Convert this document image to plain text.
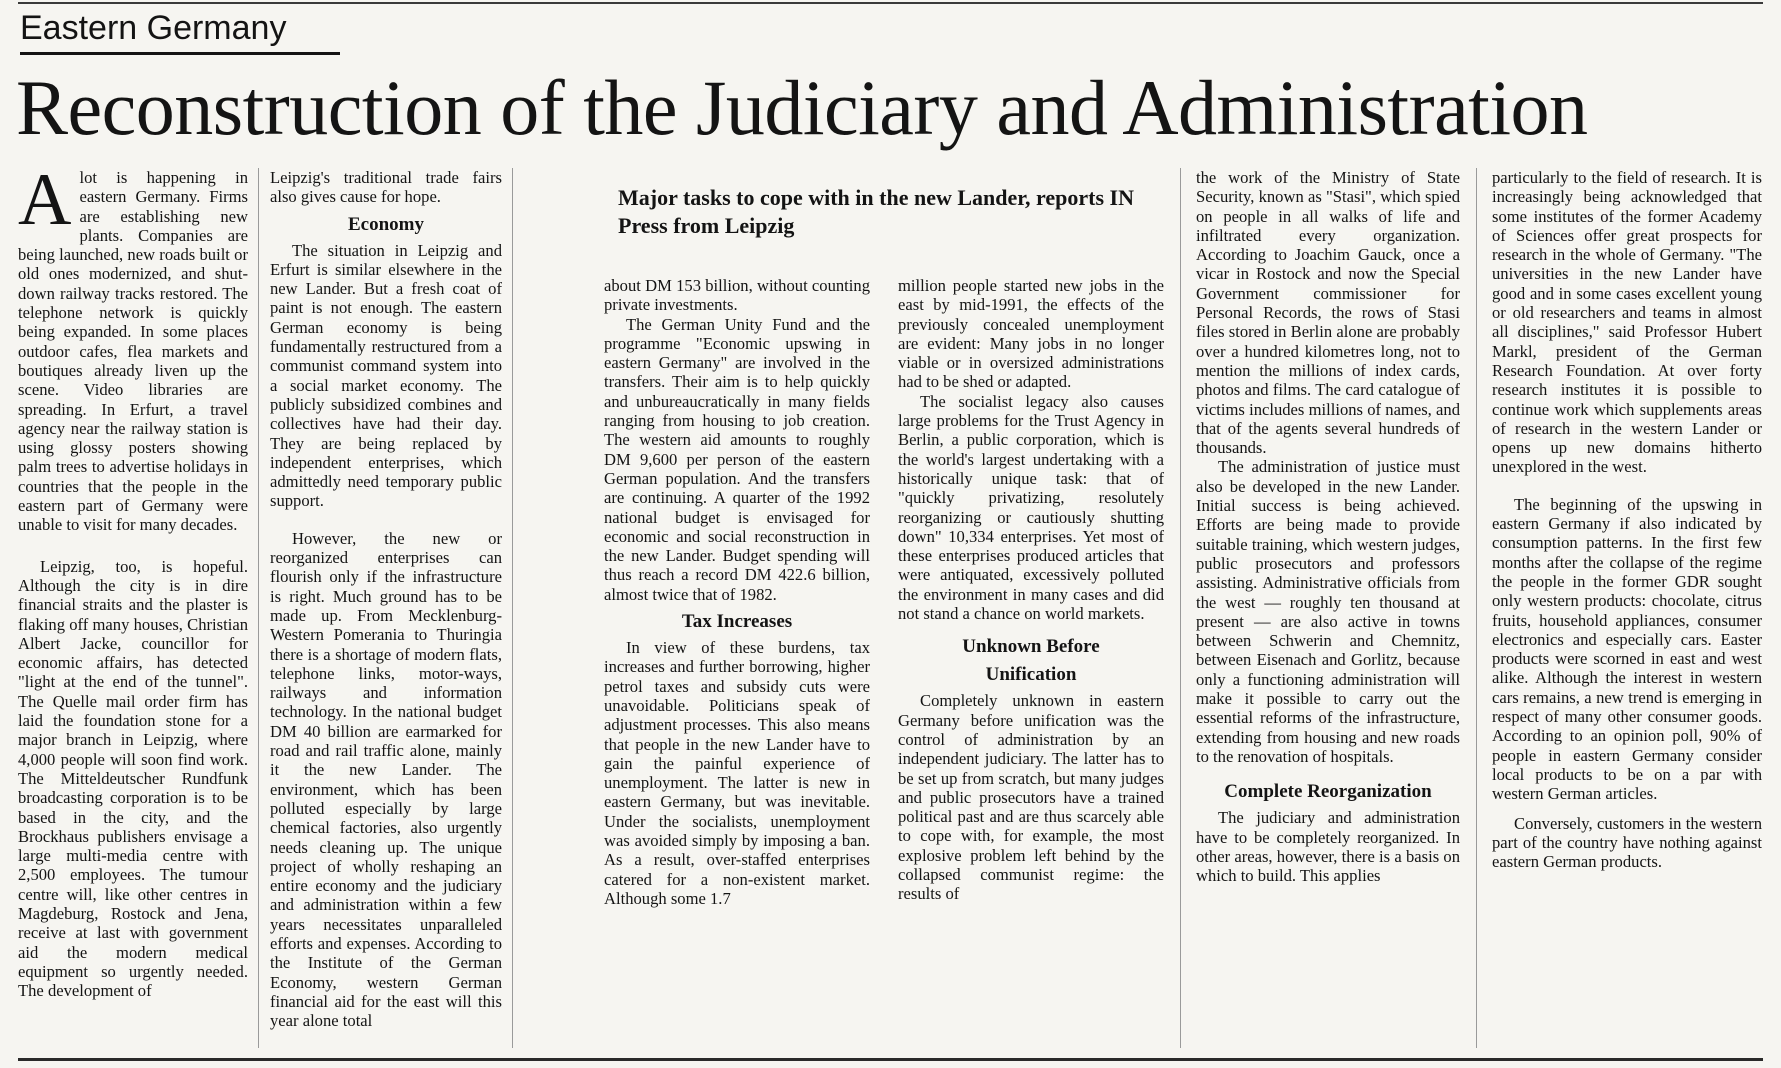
Eastern Germany
Reconstruction of the Judiciary and Administration

Alot is happening in eastern Germany. Firms are establishing new plants. Companies are being launched, new roads built or old ones modernized, and shut-down railway tracks restored. The telephone network is quickly being expanded. In some places outdoor cafes, flea markets and boutiques already liven up the scene. Video libraries are spreading. In Erfurt, a travel agency near the railway station is using glossy posters showing palm trees to advertise holidays in countries that the people in the eastern part of Germany were unable to visit for many decades.

Leipzig, too, is hopeful. Although the city is in dire financial straits and the plaster is flaking off many houses, Christian Albert Jacke, councillor for economic affairs, has detected "light at the end of the tunnel". The Quelle mail order firm has laid the foundation stone for a major branch in Leipzig, where 4,000 people will soon find work. The Mitteldeutscher Rundfunk broadcasting corporation is to be based in the city, and the Brockhaus publishers envisage a large multi-media centre with 2,500 employees. The tumour centre will, like other centres in Magdeburg, Rostock and Jena, receive at last with government aid the modern medical equipment so urgently needed. The development of

Leipzig's traditional trade fairs also gives cause for hope.

Economy

The situation in Leipzig and Erfurt is similar elsewhere in the new Lander. But a fresh coat of paint is not enough. The eastern German economy is being fundamentally restructured from a communist command system into a social market economy. The publicly subsidized combines and collectives have had their day. They are being replaced by independent enterprises, which admittedly need temporary public support.

However, the new or reorganized enterprises can flourish only if the infrastructure is right. Much ground has to be made up. From Mecklenburg-Western Pomerania to Thuringia there is a shortage of modern flats, telephone links, motor-ways, railways and information technology. In the national budget DM 40 billion are earmarked for road and rail traffic alone, mainly it the new Lander. The environment, which has been polluted especially by large chemical factories, also urgently needs cleaning up. The unique project of wholly reshaping an entire economy and the judiciary and administration within a few years necessitates unparalleled efforts and expenses. According to the Institute of the German Economy, western German financial aid for the east will this year alone total

Major tasks to cope with in the new Lander, reports IN Press from Leipzig

about DM 153 billion, without counting private investments.

The German Unity Fund and the programme "Economic upswing in eastern Germany" are involved in the transfers. Their aim is to help quickly and unbureaucratically in many fields ranging from housing to job creation. The western aid amounts to roughly DM 9,600 per person of the eastern German population. And the transfers are continuing. A quarter of the 1992 national budget is envisaged for economic and social reconstruction in the new Lander. Budget spending will thus reach a record DM 422.6 billion, almost twice that of 1982.

Tax Increases

In view of these burdens, tax increases and further borrowing, higher petrol taxes and subsidy cuts were unavoidable. Politicians speak of adjustment processes. This also means that people in the new Lander have to gain the painful experience of unemployment. The latter is new in eastern Germany, but was inevitable. Under the socialists, unemployment was avoided simply by imposing a ban. As a result, over-staffed enterprises catered for a non-existent market. Although some 1.7

million people started new jobs in the east by mid-1991, the effects of the previously concealed unemployment are evident: Many jobs in no longer viable or in oversized administrations had to be shed or adapted.

The socialist legacy also causes large problems for the Trust Agency in Berlin, a public corporation, which is the world's largest undertaking with a historically unique task: that of "quickly privatizing, resolutely reorganizing or cautiously shutting down" 10,334 enterprises. Yet most of these enterprises produced articles that were antiquated, excessively polluted the environment in many cases and did not stand a chance on world markets.

Unknown Before
Unification

Completely unknown in eastern Germany before unification was the control of administration by an independent judiciary. The latter has to be set up from scratch, but many judges and public prosecutors have a trained political past and are thus scarcely able to cope with, for example, the most explosive problem left behind by the collapsed communist regime: the results of

the work of the Ministry of State Security, known as "Stasi", which spied on people in all walks of life and infiltrated every organization. According to Joachim Gauck, once a vicar in Rostock and now the Special Government commissioner for Personal Records, the rows of Stasi files stored in Berlin alone are probably over a hundred kilometres long, not to mention the millions of index cards, photos and films. The card catalogue of victims includes millions of names, and that of the agents several hundreds of thousands.

The administration of justice must also be developed in the new Lander. Initial success is being achieved. Efforts are being made to provide suitable training, which western judges, public prosecutors and professors assisting. Administrative officials from the west — roughly ten thousand at present — are also active in towns between Schwerin and Chemnitz, between Eisenach and Gorlitz, because only a functioning administration will make it possible to carry out the essential reforms of the infrastructure, extending from housing and new roads to the renovation of hospitals.

Complete Reorganization

The judiciary and administration have to be completely reorganized. In other areas, however, there is a basis on which to build. This applies

particularly to the field of research. It is increasingly being acknowledged that some institutes of the former Academy of Sciences offer great prospects for research in the whole of Germany. "The universities in the new Lander have good and in some cases excellent young or old researchers and teams in almost all disciplines," said Professor Hubert Markl, president of the German Research Foundation. At over forty research institutes it is possible to continue work which supplements areas of research in the western Lander or opens up new domains hitherto unexplored in the west.

The beginning of the upswing in eastern Germany if also indicated by consumption patterns. In the first few months after the collapse of the regime the people in the former GDR sought only western products: chocolate, citrus fruits, household appliances, consumer electronics and especially cars. Easter products were scorned in east and west alike. Although the interest in western cars remains, a new trend is emerging in respect of many other consumer goods. According to an opinion poll, 90% of people in eastern Germany consider local products to be on a par with western German articles.

Conversely, customers in the western part of the country have nothing against eastern German products.
